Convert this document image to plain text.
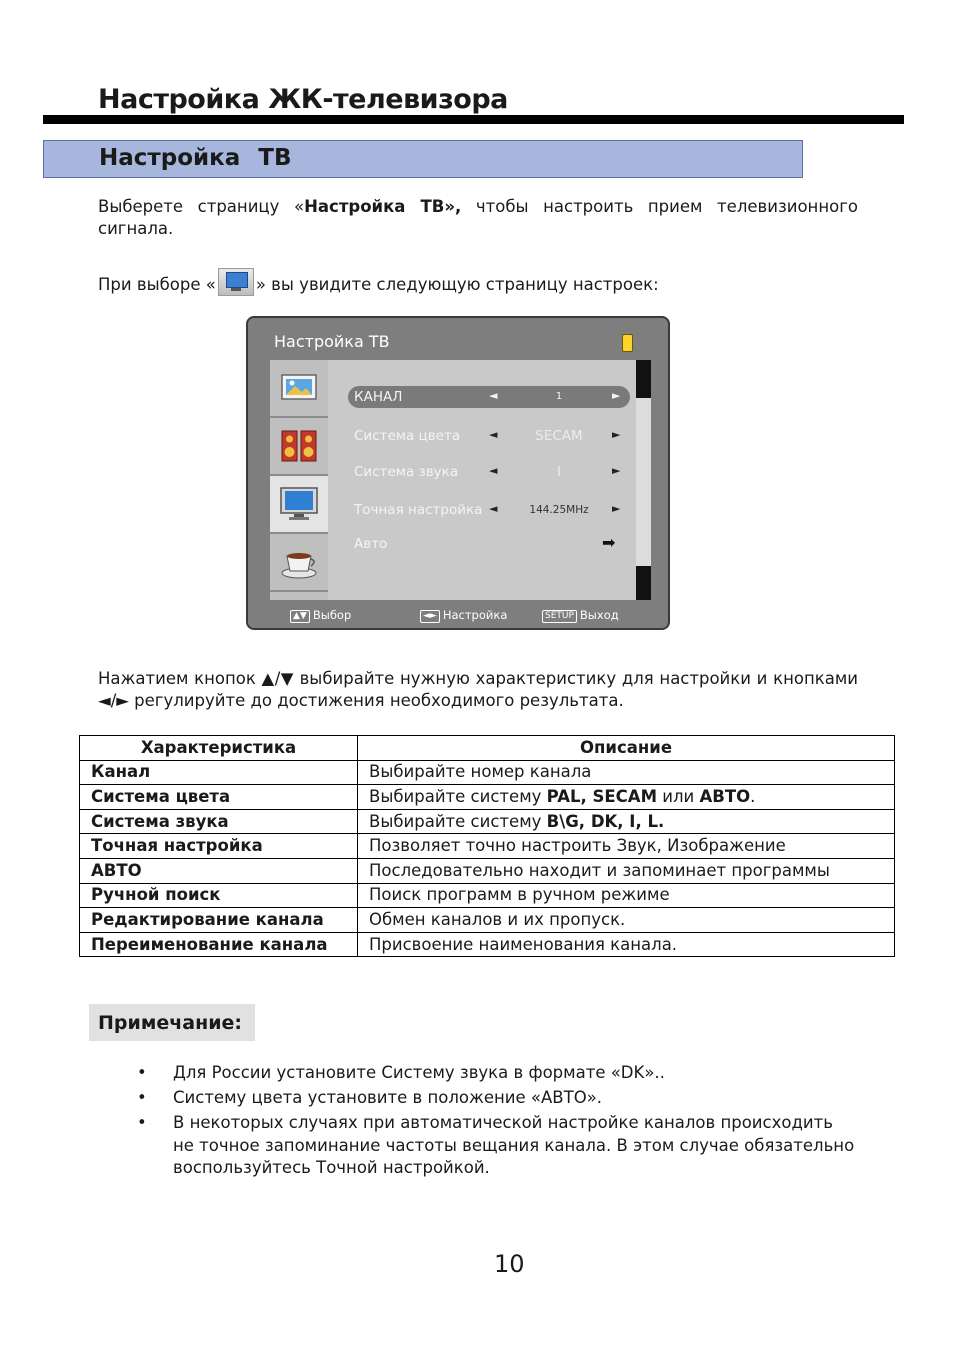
Настройка ЖК-телевизора
Настройка ТВ
Выберете страницу «Настройка ТВ», чтобы настроить прием телевизионного сигнала.
При выборе « » вы увидите следующую страницу настроек:
Настройка ТВ
КАНАЛ	◄	1	►
Система цвета	◄	SECAM	►
Система звука	◄	I	►
Точная настройка ◄	144.25MHz	►
Авто	➡
▲▼ Выбор	◄► Настройка	SETUP Выход
Нажатием кнопок ▲/▼ выбирайте нужную характеристику для настройки и кнопками ◄/► регулируйте до достижения необходимого результата.
Характеристика	Описание
Канал	Выбирайте номер канала
Система цвета	Выбирайте систему PAL, SECAM или АВТО.
Система звука	Выбирайте систему B\G, DK, I, L.
Точная настройка	Позволяет точно настроить Звук, Изображение
АВТО	Последовательно находит и запоминает программы
Ручной поиск	Поиск программ в ручном режиме
Редактирование канала	Обмен каналов и их пропуск.
Переименование канала	Присвоение наименования канала.
Примечание:
• Для России установите Систему звука в формате «DK»..
• Систему цвета установите в положение «АВТО».
• В некоторых случаях при автоматической настройке каналов происходить не точное запоминание частоты вещания канала. В этом случае обязательно воспользуйтесь Точной настройкой.
10
